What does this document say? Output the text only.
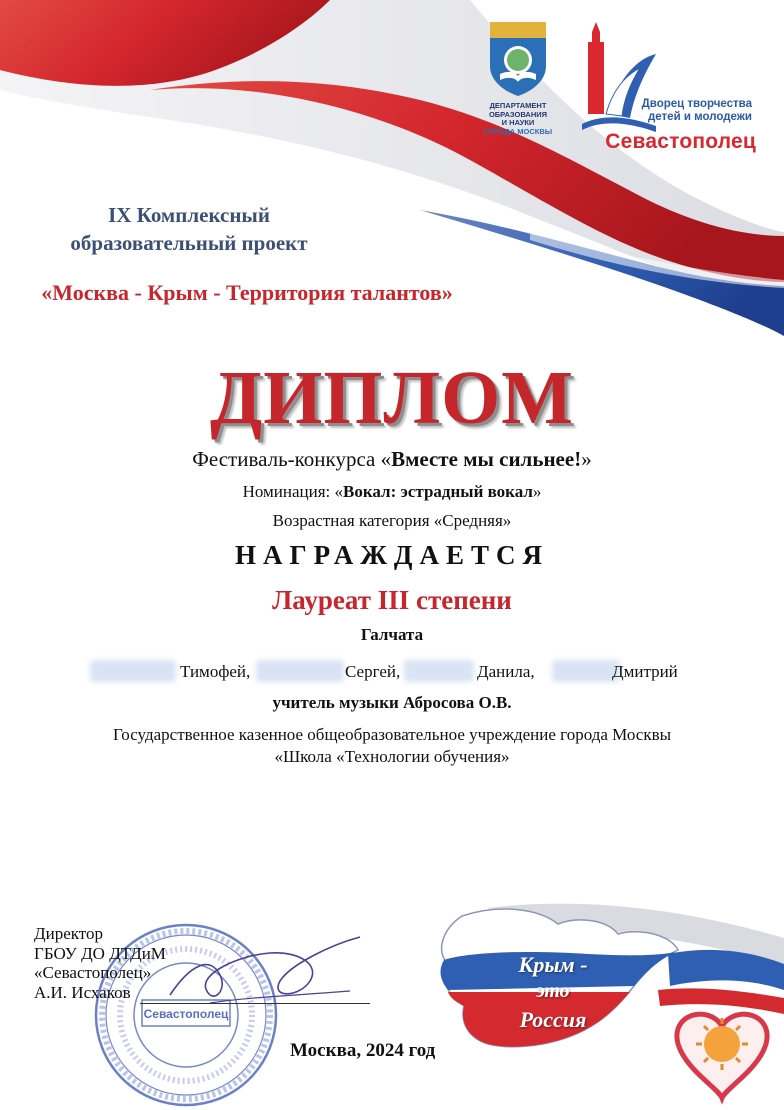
ДЕПАРТАМЕНТ
ОБРАЗОВАНИЯ
И НАУКИ
ГОРОДА МОСКВЫ
Дворец творчества
детей и молодежи
Севастополец
IX Комплексный
образовательный проект
«Москва - Крым - Территория талантов»
ДИПЛОМ
Фестиваль-конкурса «Вместе мы сильнее!»
Номинация: «Вокал: эстрадный вокал»
Возрастная категория «Средняя»
НАГРАЖДАЕТСЯ
Лауреат III степени
Галчата
Тимофей,	Сергей,	Данила,	Дмитрий
учитель музыки Абросова О.В.
Государственное казенное общеобразовательное учреждение города Москвы
«Школа «Технологии обучения»
Севастополец
Директор
ГБОУ ДО ДТДиМ
«Севастополец»
А.И. Исхаков
Москва, 2024 год
Крым -
это
Россия
